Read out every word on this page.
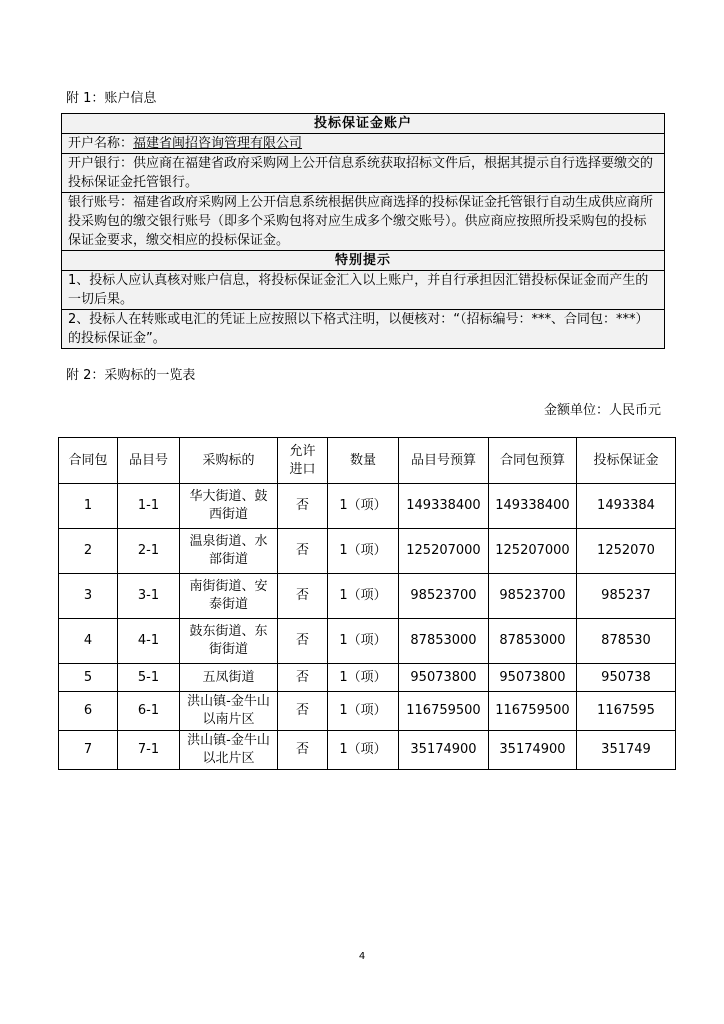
附 1：账户信息
投标保证金账户
开户名称：福建省闽招咨询管理有限公司
开户银行：供应商在福建省政府采购网上公开信息系统获取招标文件后，根据其提示自行选择要缴交的投标保证金托管银行。
银行账号：福建省政府采购网上公开信息系统根据供应商选择的投标保证金托管银行自动生成供应商所投采购包的缴交银行账号（即多个采购包将对应生成多个缴交账号）。供应商应按照所投采购包的投标保证金要求，缴交相应的投标保证金。
特别提示
1、投标人应认真核对账户信息，将投标保证金汇入以上账户，并自行承担因汇错投标保证金而产生的一切后果。
2、投标人在转账或电汇的凭证上应按照以下格式注明，以便核对：“（招标编号：***、合同包：***）的投标保证金”。
附 2：采购标的一览表
金额单位：人民币元
合同包	品目号	采购标的	允许进口	数量	品目号预算	合同包预算	投标保证金
1	1-1	华大街道、鼓西街道	否	1（项）	149338400	149338400	1493384
2	2-1	温泉街道、水部街道	否	1（项）	125207000	125207000	1252070
3	3-1	南街街道、安泰街道	否	1（项）	98523700	98523700	985237
4	4-1	鼓东街道、东街街道	否	1（项）	87853000	87853000	878530
5	5-1	五凤街道	否	1（项）	95073800	95073800	950738
6	6-1	洪山镇-金牛山以南片区	否	1（项）	116759500	116759500	1167595
7	7-1	洪山镇-金牛山以北片区	否	1（项）	35174900	35174900	351749
4
